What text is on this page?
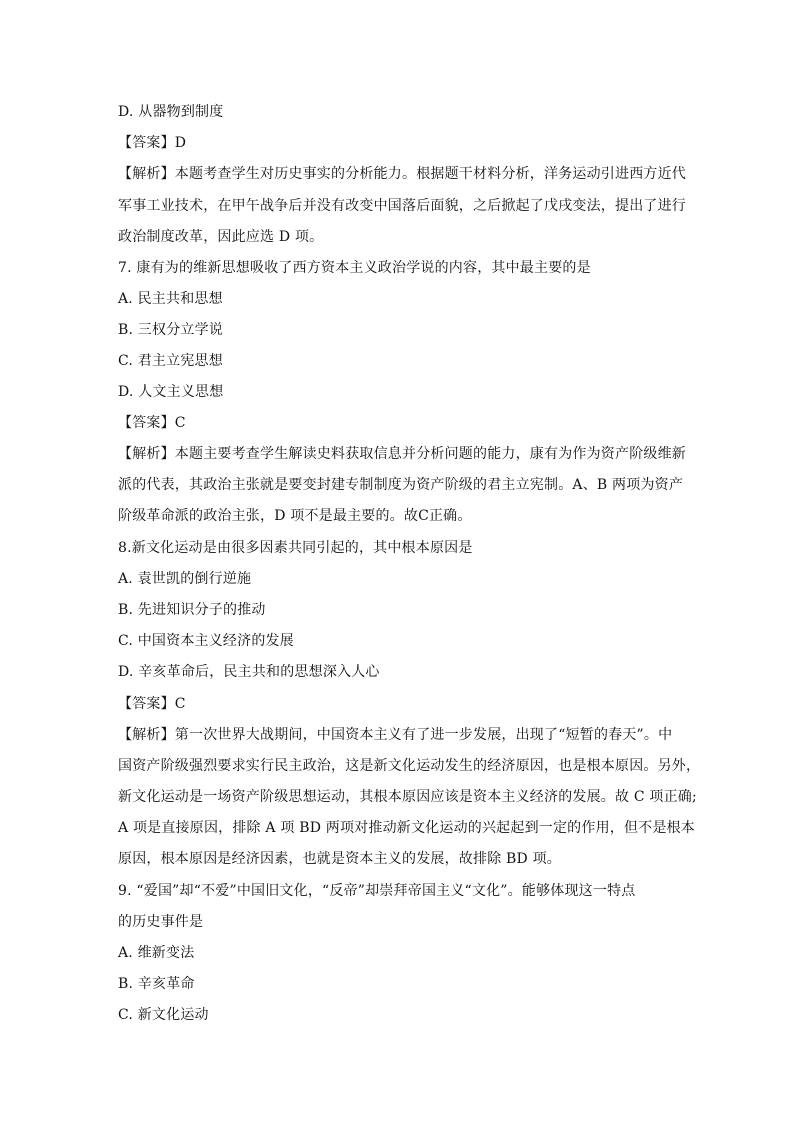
D. 从器物到制度
【答案】D
【解析】本题考查学生对历史事实的分析能力。根据题干材料分析，洋务运动引进西方近代
军事工业技术，在甲午战争后并没有改变中国落后面貌，之后掀起了戊戌变法，提出了进行
政治制度改革，因此应选 D 项。
7. 康有为的维新思想吸收了西方资本主义政治学说的内容，其中最主要的是
A. 民主共和思想
B. 三权分立学说
C. 君主立宪思想
D. 人文主义思想
【答案】C
【解析】本题主要考查学生解读史料获取信息并分析问题的能力，康有为作为资产阶级维新
派的代表，其政治主张就是要变封建专制制度为资产阶级的君主立宪制。A、B 两项为资产
阶级革命派的政治主张，D 项不是最主要的。故C正确。
8.新文化运动是由很多因素共同引起的，其中根本原因是
A. 袁世凯的倒行逆施
B. 先进知识分子的推动
C. 中国资本主义经济的发展
D. 辛亥革命后，民主共和的思想深入人心
【答案】C
【解析】第一次世界大战期间，中国资本主义有了进一步发展，出现了“短暂的春天”。中
国资产阶级强烈要求实行民主政治，这是新文化运动发生的经济原因，也是根本原因。另外，
新文化运动是一场资产阶级思想运动，其根本原因应该是资本主义经济的发展。故 C 项正确;
A 项是直接原因，排除 A 项 BD 两项对推动新文化运动的兴起起到一定的作用，但不是根本
原因，根本原因是经济因素，也就是资本主义的发展，故排除 BD 项。
9. “爱国”却“不爱”中国旧文化，“反帝”却崇拜帝国主义“文化”。能够体现这一特点
的历史事件是
A. 维新变法
B. 辛亥革命
C. 新文化运动
